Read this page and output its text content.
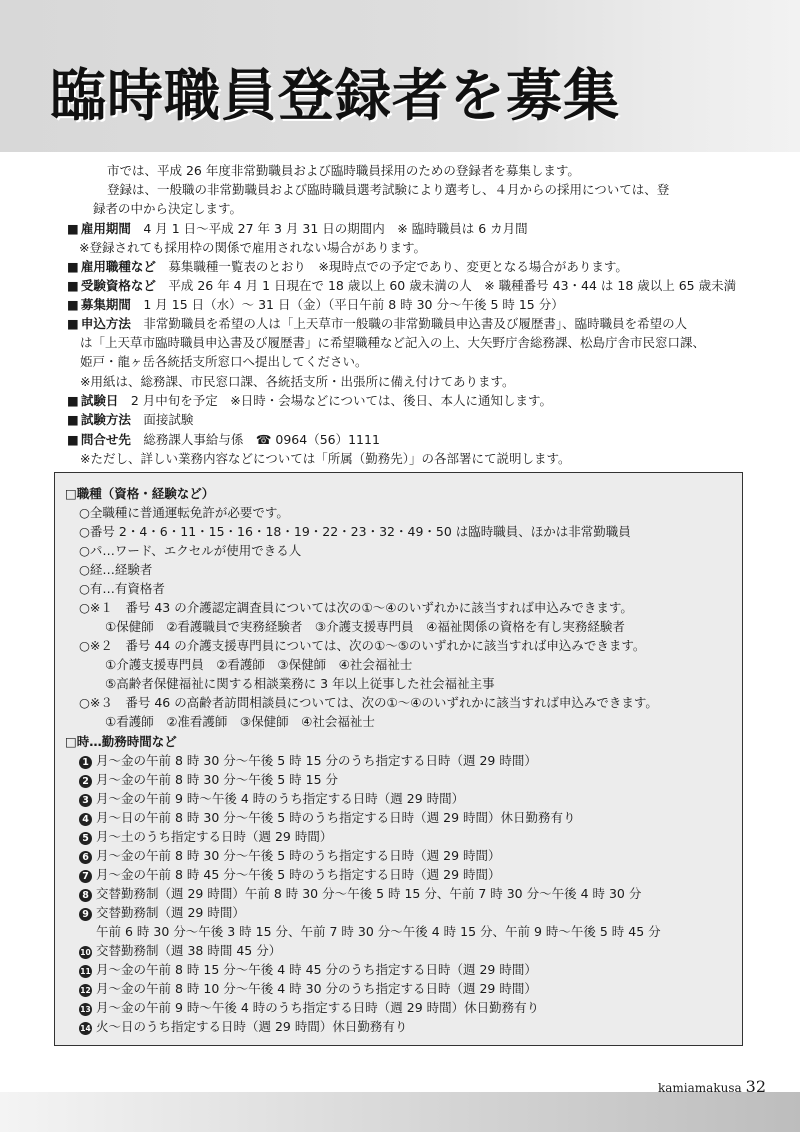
臨時職員登録者を募集
市では、平成 26 年度非常勤職員および臨時職員採用のための登録者を募集します。
登録は、一般職の非常勤職員および臨時職員選考試験により選考し、４月からの採用については、登
録者の中から決定します。
■ 雇用期間　 4 月 1 日～平成 27 年 3 月 31 日の期間内　※ 臨時職員は 6 カ月間
※登録されても採用枠の関係で雇用されない場合があります。
■ 雇用職種など　 募集職種一覧表のとおり　※現時点での予定であり、変更となる場合があります。
■ 受験資格など　 平成 26 年 4 月 1 日現在で 18 歳以上 60 歳未満の人　※ 職種番号 43・44 は 18 歳以上 65 歳未満
■ 募集期間　 1 月 15 日（水）～ 31 日（金）（平日午前 8 時 30 分～午後 5 時 15 分）
■ 申込方法　 非常勤職員を希望の人は「上天草市一般職の非常勤職員申込書及び履歴書」、臨時職員を希望の人
は「上天草市臨時職員申込書及び履歴書」に希望職種など記入の上、大矢野庁舎総務課、松島庁舎市民窓口課、
姫戸・龍ヶ岳各統括支所窓口へ提出してください。
※用紙は、総務課、市民窓口課、各統括支所・出張所に備え付けてあります。
■ 試験日　 2 月中旬を予定　※日時・会場などについては、後日、本人に通知します。
■ 試験方法　 面接試験
■ 問合せ先　 総務課人事給与係　☎ 0964（56）1111
※ただし、詳しい業務内容などについては「所属（勤務先）」の各部署にて説明します。
□職種（資格・経験など）
○全職種に普通運転免許が必要です。
○番号 2・4・6・11・15・16・18・19・22・23・32・49・50 は臨時職員、ほかは非常勤職員
○パ…ワード、エクセルが使用できる人
○経…経験者
○有…有資格者
○※１　番号 43 の介護認定調査員については次の①～④のいずれかに該当すれば申込みできます。
①保健師　②看護職員で実務経験者　③介護支援専門員　④福祉関係の資格を有し実務経験者
○※２　番号 44 の介護支援専門員については、次の①～⑤のいずれかに該当すれば申込みできます。
①介護支援専門員　②看護師　③保健師　④社会福祉士
⑤高齢者保健福祉に関する相談業務に 3 年以上従事した社会福祉主事
○※３　番号 46 の高齢者訪問相談員については、次の①～④のいずれかに該当すれば申込みできます。
①看護師　②准看護師　③保健師　④社会福祉士
□時…勤務時間など
1 月～金の午前 8 時 30 分～午後 5 時 15 分のうち指定する日時（週 29 時間）
2 月～金の午前 8 時 30 分～午後 5 時 15 分
3 月～金の午前 9 時～午後 4 時のうち指定する日時（週 29 時間）
4 月～日の午前 8 時 30 分～午後 5 時のうち指定する日時（週 29 時間）休日勤務有り
5 月～土のうち指定する日時（週 29 時間）
6 月～金の午前 8 時 30 分～午後 5 時のうち指定する日時（週 29 時間）
7 月～金の午前 8 時 45 分～午後 5 時のうち指定する日時（週 29 時間）
8 交替勤務制（週 29 時間）午前 8 時 30 分～午後 5 時 15 分、午前 7 時 30 分～午後 4 時 30 分
9 交替勤務制（週 29 時間）
午前 6 時 30 分～午後 3 時 15 分、午前 7 時 30 分～午後 4 時 15 分、午前 9 時～午後 5 時 45 分
10 交替勤務制（週 38 時間 45 分）
11 月～金の午前 8 時 15 分～午後 4 時 45 分のうち指定する日時（週 29 時間）
12 月～金の午前 8 時 10 分～午後 4 時 30 分のうち指定する日時（週 29 時間）
13 月～金の午前 9 時～午後 4 時のうち指定する日時（週 29 時間）休日勤務有り
14 火～日のうち指定する日時（週 29 時間）休日勤務有り
kamiamakusa 32
